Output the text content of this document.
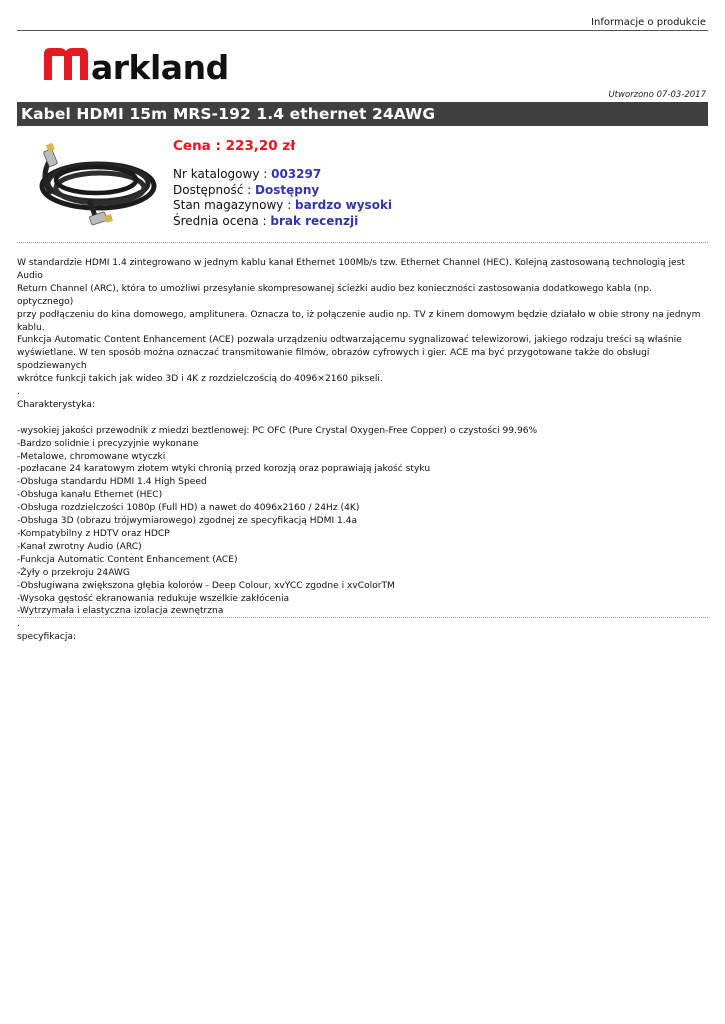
Informacje o produkcie
arkland
Utworzono 07-03-2017
Kabel HDMI 15m MRS-192 1.4 ethernet 24AWG
Cena : 223,20 zł
Nr katalogowy : 003297
Dostępność : Dostępny
Stan magazynowy : bardzo wysoki
Średnia ocena : brak recenzji

W standardzie HDMI 1.4 zintegrowano w jednym kablu kanał Ethernet 100Mb/s tzw. Ethernet Channel (HEC). Kolejną zastosowaną technologią jest Audio

Return Channel (ARC), która to umożliwi przesyłanie skompresowanej ścieżki audio bez konieczności zastosowania dodatkowego kabla (np. optycznego)

przy podłączeniu do kina domowego, amplitunera. Oznacza to, iż połączenie audio np. TV z kinem domowym będzie działało w obie strony na jednym kablu.

Funkcja Automatic Content Enhancement (ACE) pozwala urządzeniu odtwarzającemu sygnalizować telewizorowi, jakiego rodzaju treści są właśnie

wyświetlane. W ten sposób można oznaczać transmitowanie filmów, obrazów cyfrowych i gier. ACE ma być przygotowane także do obsługi spodziewanych

wkrótce funkcji takich jak wideo 3D i 4K z rozdzielczością do 4096×2160 pikseli.

.

Charakterystyka:

-wysokiej jakości przewodnik z miedzi beztlenowej: PC OFC (Pure Crystal Oxygen-Free Copper) o czystości 99.96%

-Bardzo solidnie i precyzyjnie wykonane

-Metalowe, chromowane wtyczki

-pozłacane 24 karatowym złotem wtyki chronią przed korozją oraz poprawiają jakość styku

-Obsługa standardu HDMI 1.4 High Speed

-Obsługa kanału Ethernet (HEC)

-Obsługa rozdzielczości 1080p (Full HD) a nawet do 4096x2160 / 24Hz (4K)

-Obsługa 3D (obrazu trójwymiarowego) zgodnej ze specyfikacją HDMI 1.4a

-Kompatybilny z HDTV oraz HDCP

-Kanał zwrotny Audio (ARC)

-Funkcja Automatic Content Enhancement (ACE)

-Żyły o przekroju 24AWG

-Obsługiwana zwiększona głębia kolorów - Deep Colour, xvYCC zgodne i xvColorTM

-Wysoka gęstość ekranowania redukuje wszelkie zakłócenia

-Wytrzymała i elastyczna izolacja zewnętrzna

.

specyfikacja:
